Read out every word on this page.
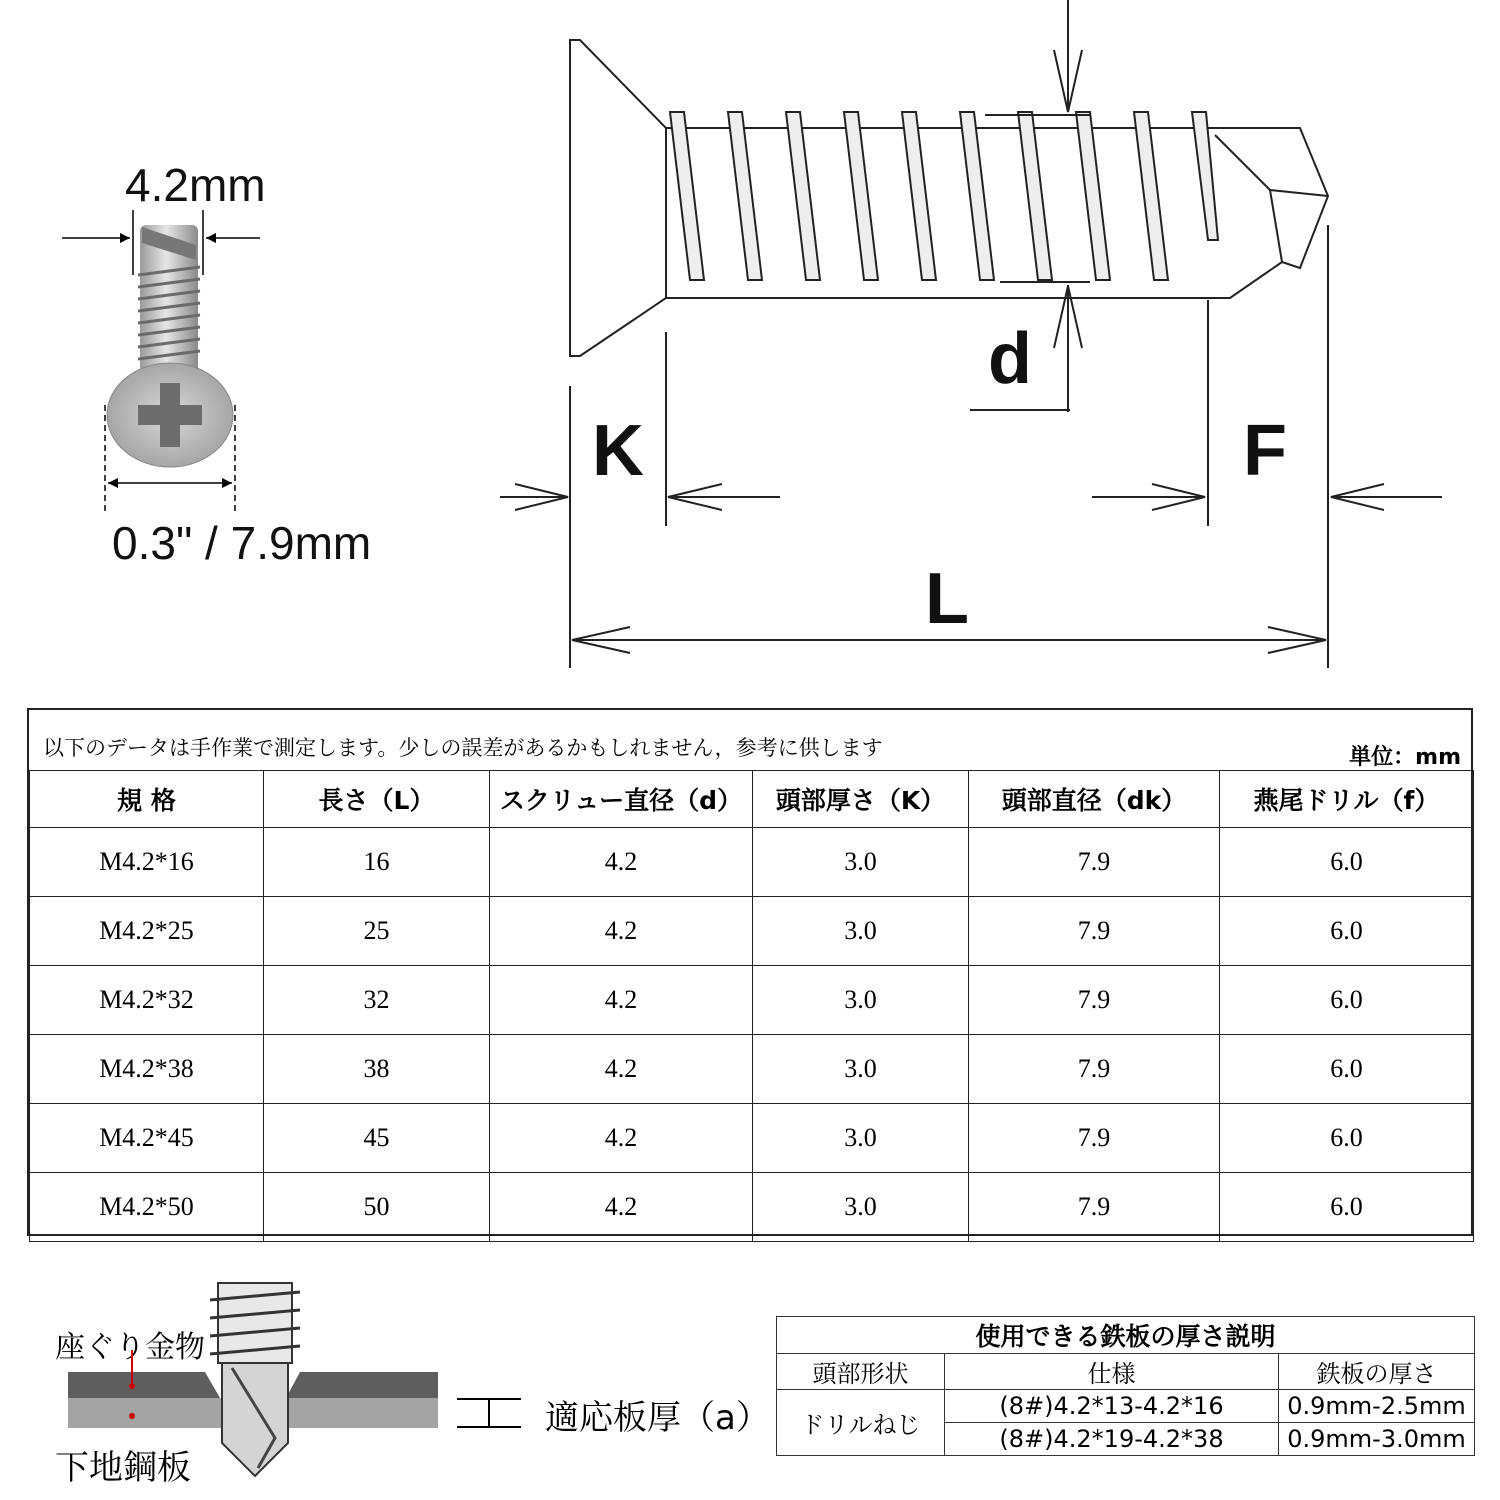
4.2mm
0.3" / 7.9mm
d
K	F
L
以下のデータは手作業で測定します。少しの誤差があるかもしれません，参考に供します	単位：mm
規 格	長さ（L）	スクリュー直径（d）	頭部厚さ（K）	頭部直径（dk）	燕尾ドリル（f）
M4.2*16	16	4.2	3.0	7.9	6.0
M4.2*25	25	4.2	3.0	7.9	6.0
M4.2*32	32	4.2	3.0	7.9	6.0
M4.2*38	38	4.2	3.0	7.9	6.0
M4.2*45	45	4.2	3.0	7.9	6.0
M4.2*50	50	4.2	3.0	7.9	6.0
座ぐり金物
下地鋼板
適応板厚（a）
使用できる鉄板の厚さ説明		
頭部形状	仕様	鉄板の厚さ
ドリルねじ	(8#)4.2*13-4.2*16	0.9mm-2.5mm
	(8#)4.2*19-4.2*38	0.9mm-3.0mm
